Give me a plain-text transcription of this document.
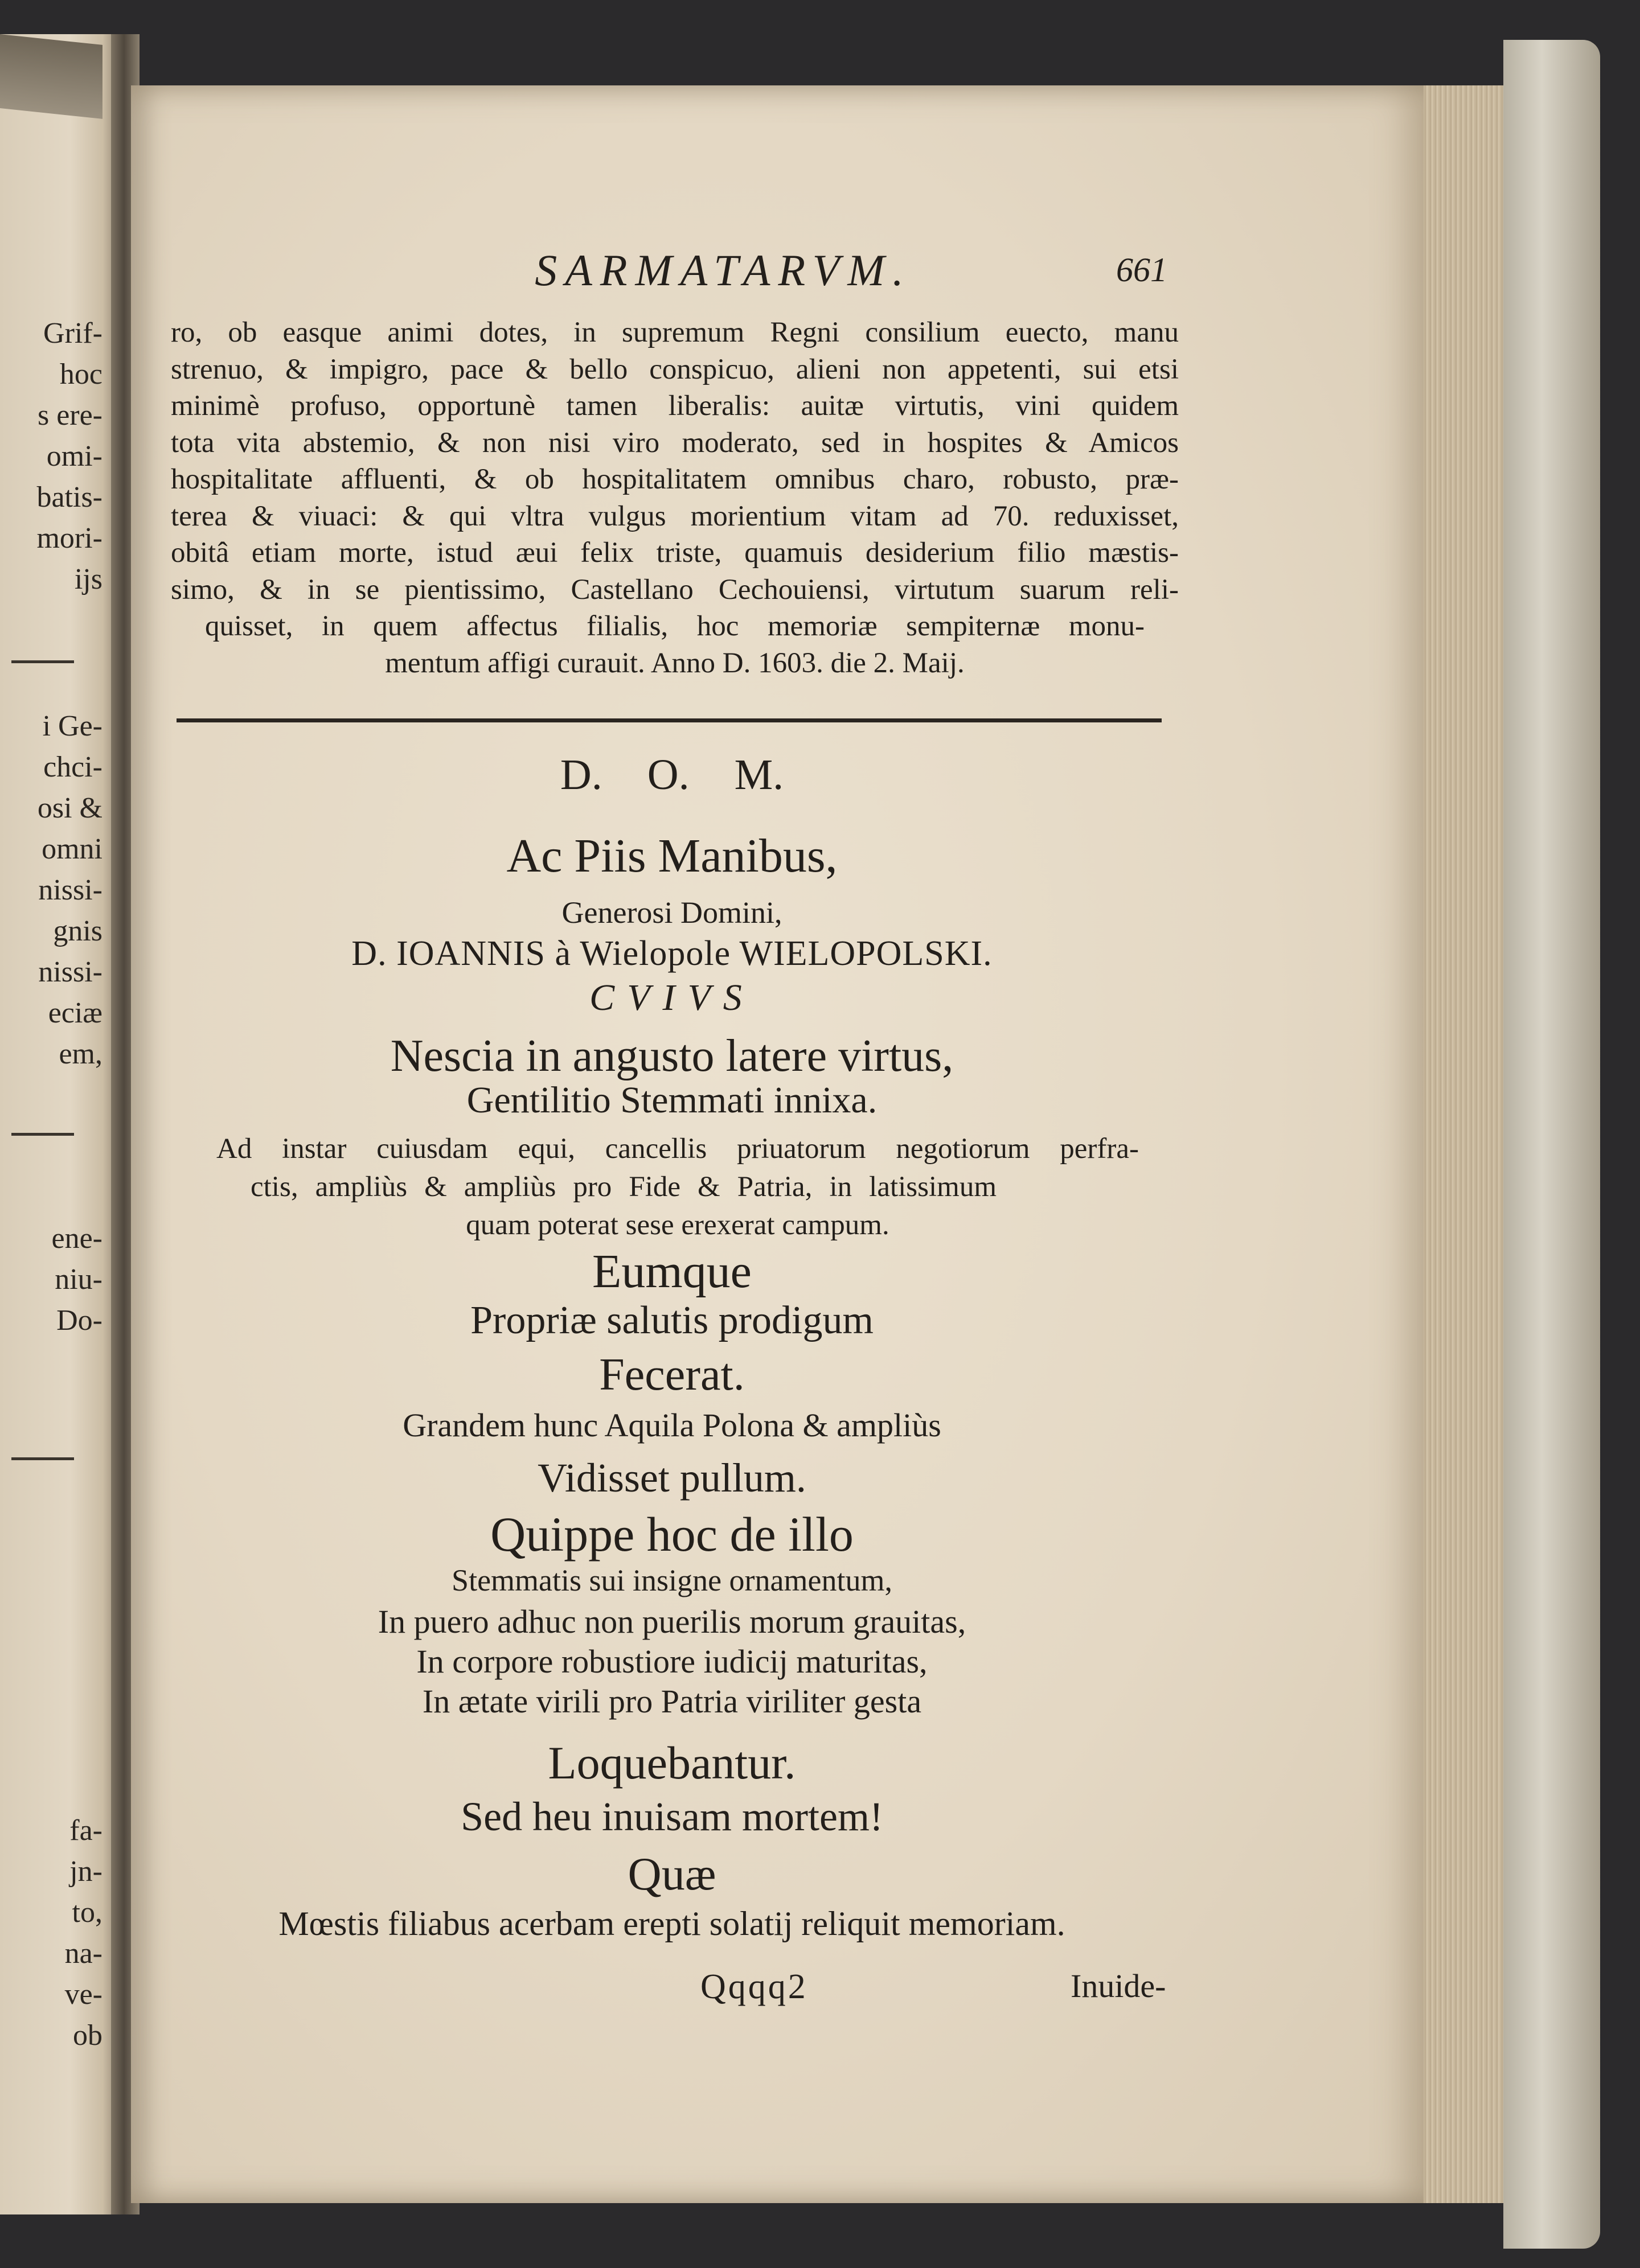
Grif-
hoc
s ere-
omi-
batis-
mori-
ijs
i Ge-
chci-
osi &
omni
nissi-
gnis
nissi-
eciæ
em,
ene-
niu-
Do-
fa-
jn-
to,
na-
ve-
ob
SARMATARVM.	661
ro, ob easque animi dotes, in supremum Regni consilium euecto, manu
strenuo, & impigro, pace & bello conspicuo, alieni non appetenti, sui etsi
minimè profuso, opportunè tamen liberalis: auitæ virtutis, vini quidem
tota vita abstemio, & non nisi viro moderato, sed in hospites & Amicos
hospitalitate affluenti, & ob hospitalitatem omnibus charo, robusto, præ-
terea & viuaci: & qui vltra vulgus morientium vitam ad 70. reduxisset,
obitâ etiam morte, istud æui felix triste, quamuis desiderium filio mæstis-
simo, & in se pientissimo, Castellano Cechouiensi, virtutum suarum reli-
quisset, in quem affectus filialis, hoc memoriæ sempiternæ monu-
mentum affigi curauit. Anno D. 1603. die 2. Maij.
D. O. M.
Ac Piis Manibus,
Generosi Domini,
D. IOANNIS à Wielopole WIELOPOLSKI.
CVIVS
Nescia in angusto latere virtus,
Gentilitio Stemmati innixa.
Ad instar cuiusdam equi, cancellis priuatorum negotiorum perfra-
ctis, ampliùs & ampliùs pro Fide & Patria, in latissimum
quam poterat sese erexerat campum.
Eumque
Propriæ salutis prodigum
Fecerat.
Grandem hunc Aquila Polona & ampliùs
Vidisset pullum.
Quippe hoc de illo
Stemmatis sui insigne ornamentum,
In puero adhuc non puerilis morum grauitas,
In corpore robustiore iudicij maturitas,
In ætate virili pro Patria viriliter gesta
Loquebantur.
Sed heu inuisam mortem!
Quæ
Mœstis filiabus acerbam erepti solatij reliquit memoriam.
Qqqq2	Inuide-
